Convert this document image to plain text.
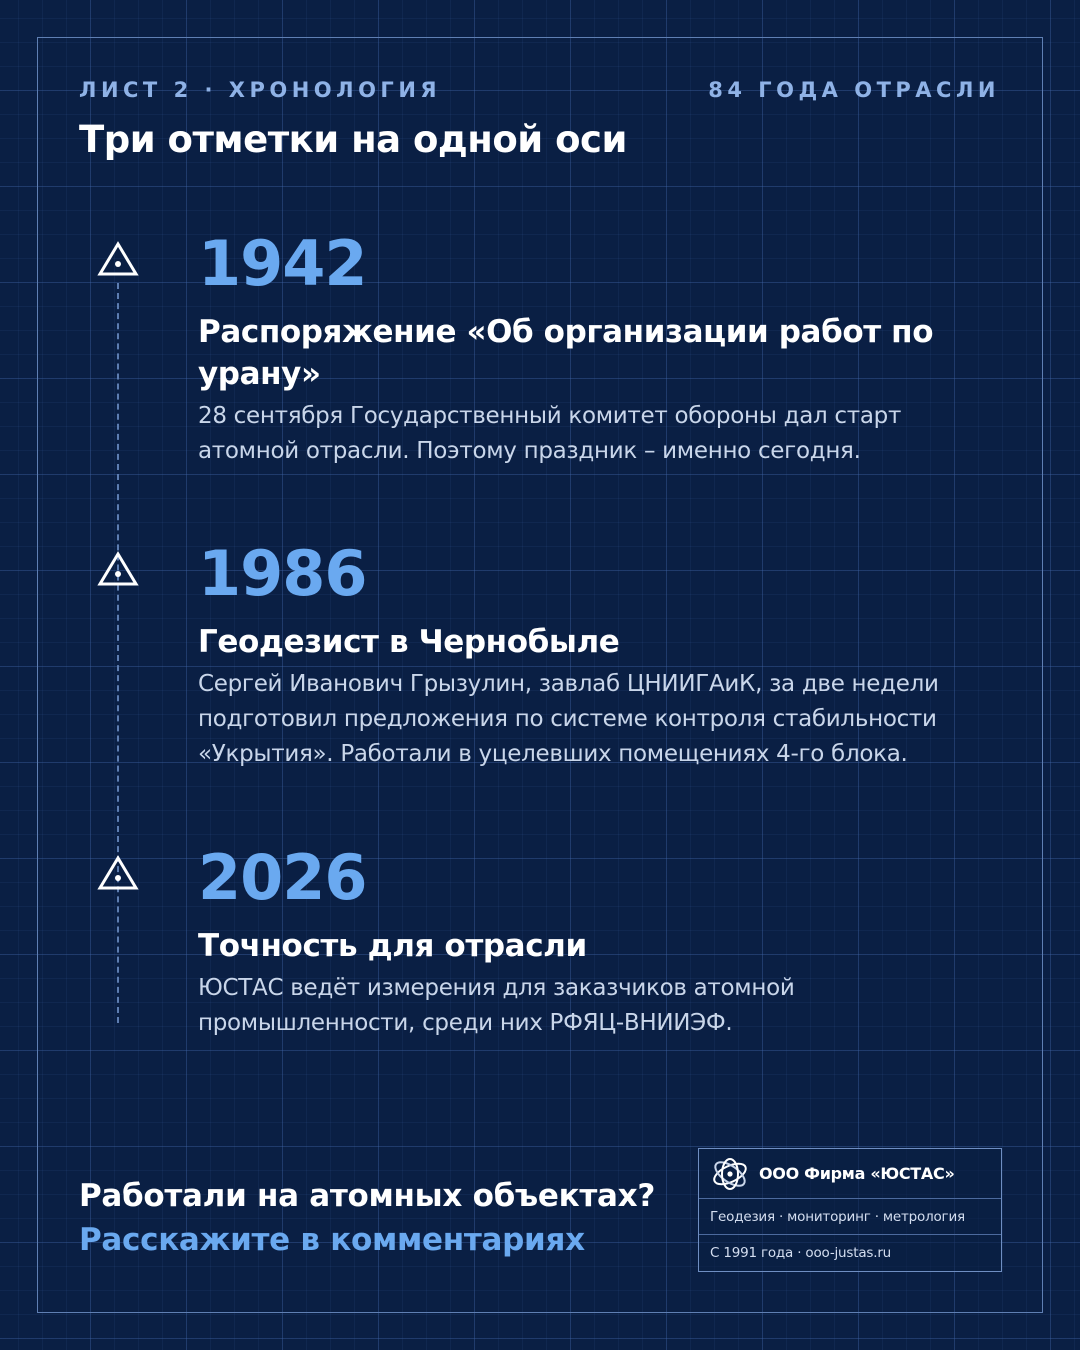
ЛИСТ 2 · ХРОНОЛОГИЯ	84 ГОДА ОТРАСЛИ
Три отметки на одной оси
1942
Распоряжение «Об организации работ по урану»
28 сентября Государственный комитет обороны дал старт атомной отрасли. Поэтому праздник – именно сегодня.
1986
Геодезист в Чернобыле
Сергей Иванович Грызулин, завлаб ЦНИИГАиК, за две недели подготовил предложения по системе контроля стабильности «Укрытия». Работали в уцелевших помещениях 4-го блока.
2026
Точность для отрасли
ЮСТАС ведёт измерения для заказчиков атомной промышленности, среди них РФЯЦ-ВНИИЭФ.
Работали на атомных объектах?
Расскажите в комментариях
ООО Фирма «ЮСТАС»
Геодезия · мониторинг · метрология
С 1991 года · ooo-justas.ru
